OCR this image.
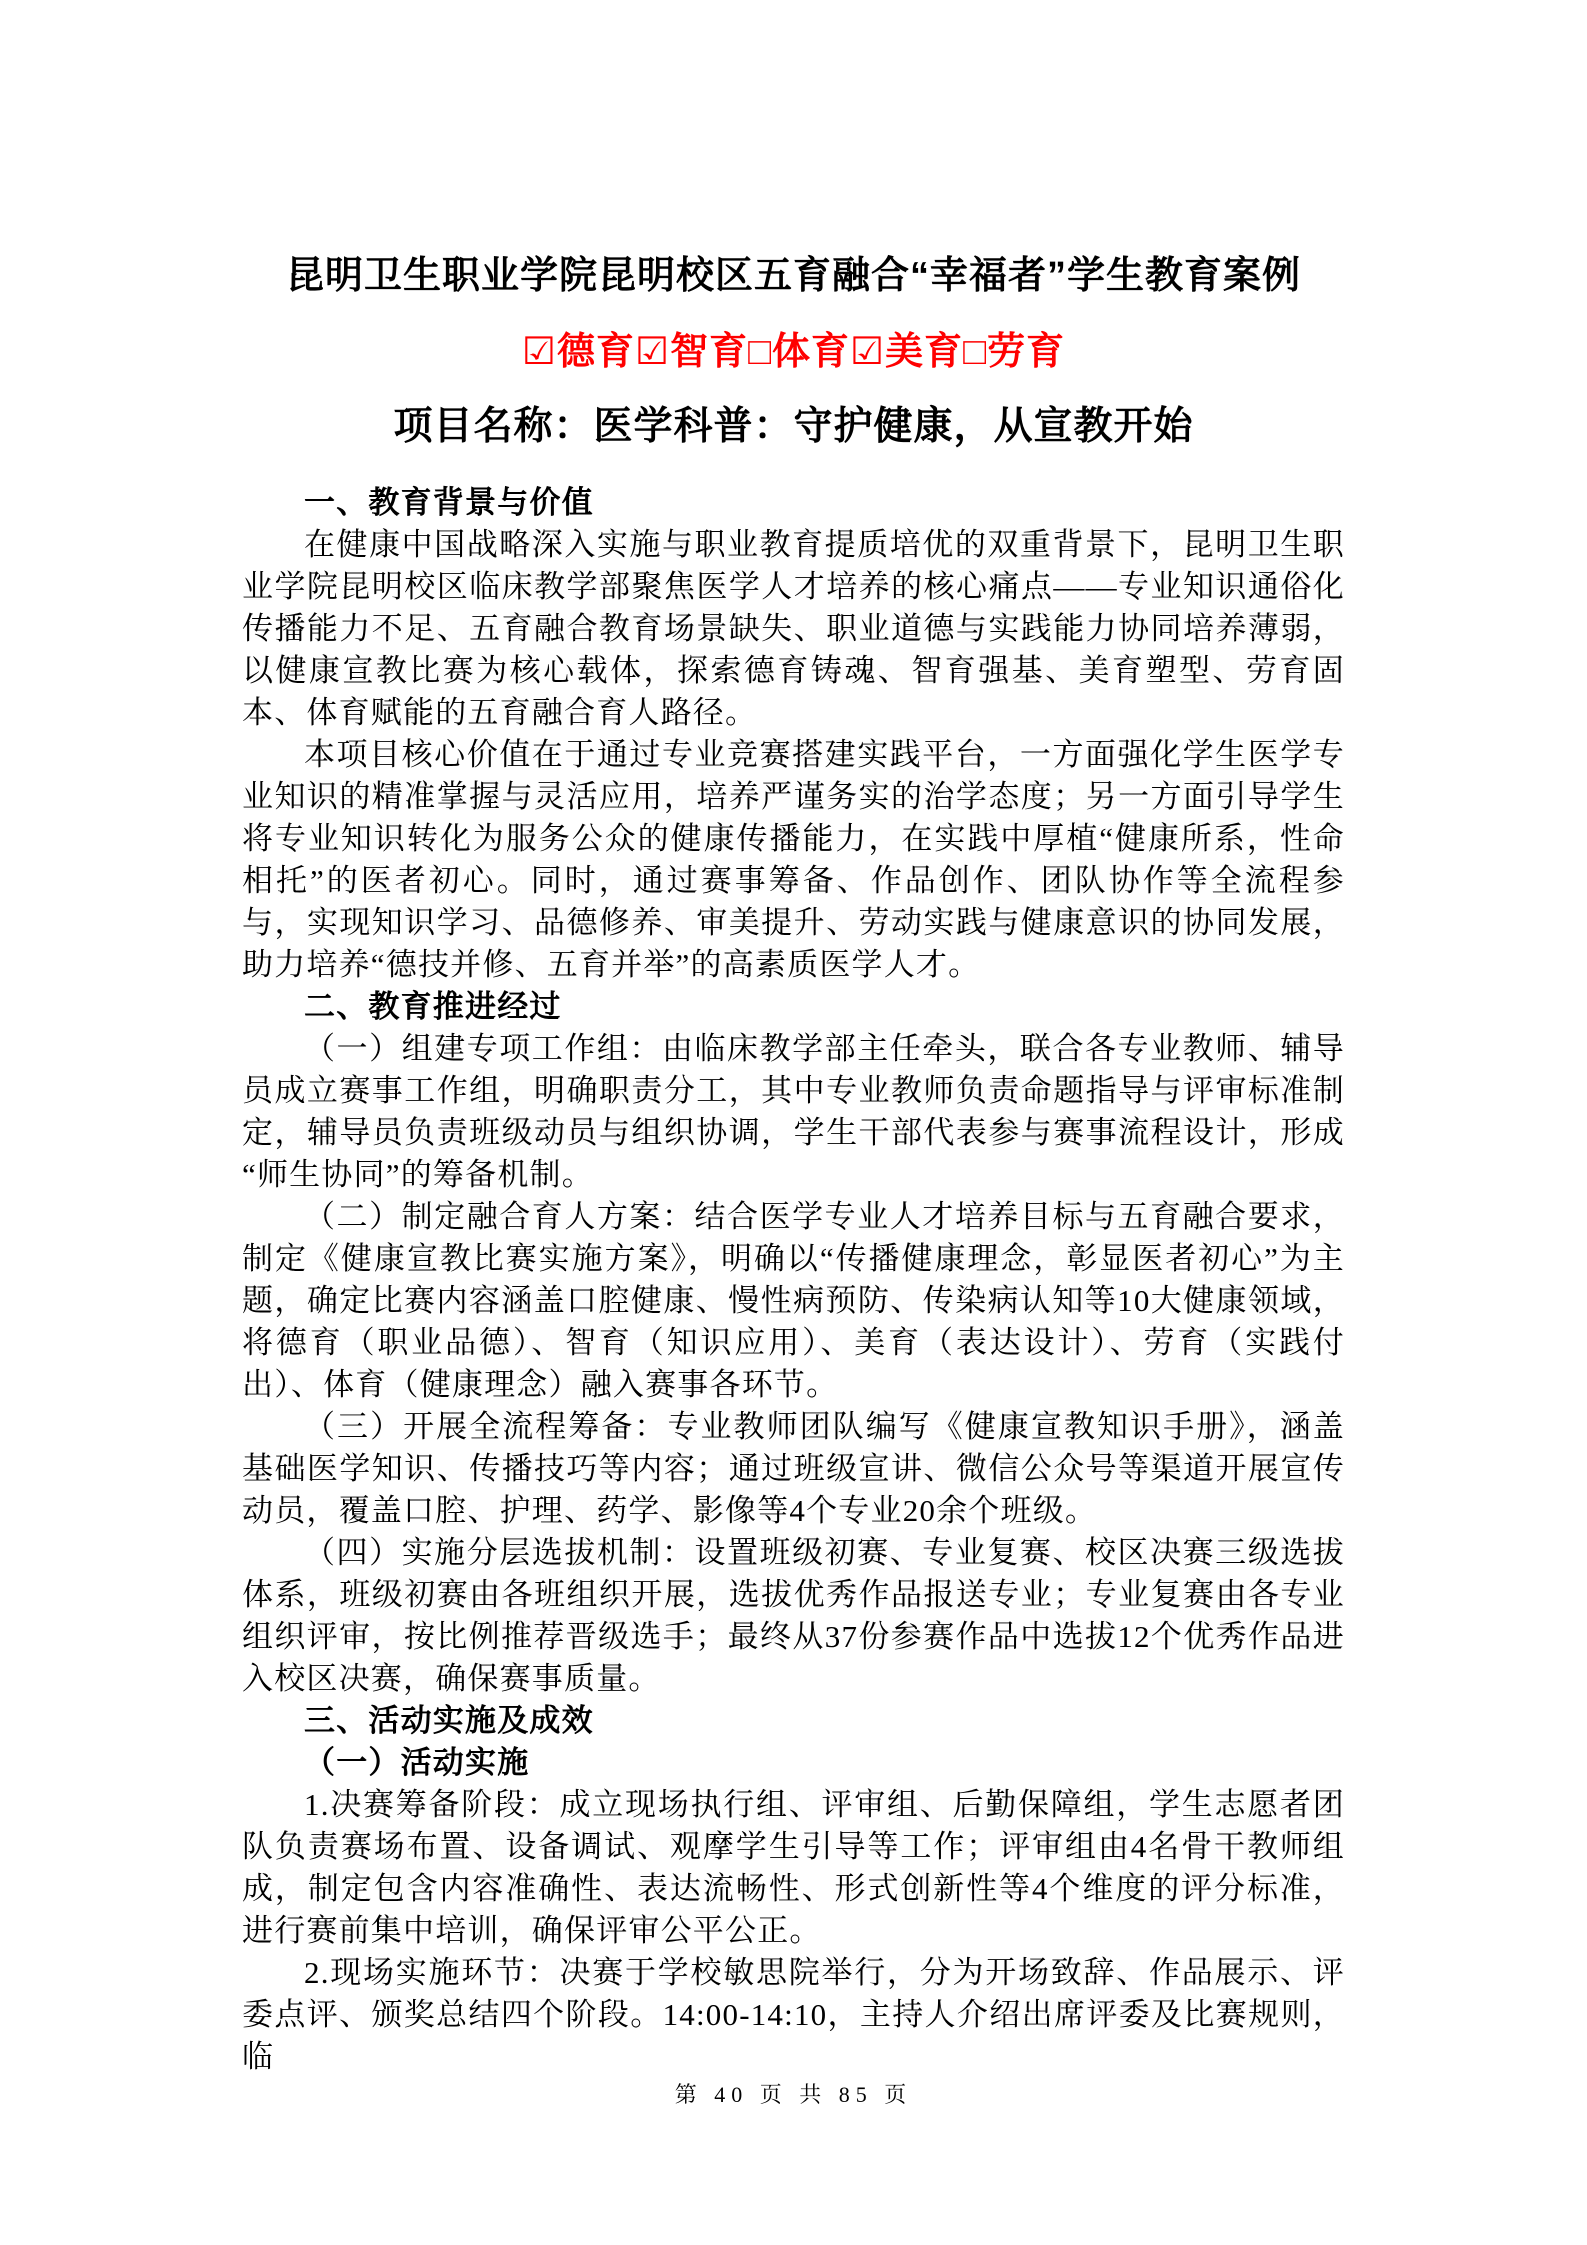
昆明卫生职业学院昆明校区五育融合“幸福者”学生教育案例
☑德育☑智育□体育☑美育□劳育
项目名称：医学科普：守护健康，从宣教开始

一、教育背景与价值

在健康中国战略深入实施与职业教育提质培优的双重背景下，昆明卫生职业学院昆明校区临床教学部聚焦医学人才培养的核心痛点——专业知识通俗化传播能力不足、五育融合教育场景缺失、职业道德与实践能力协同培养薄弱，以健康宣教比赛为核心载体，探索德育铸魂、智育强基、美育塑型、劳育固本、体育赋能的五育融合育人路径。

本项目核心价值在于通过专业竞赛搭建实践平台，一方面强化学生医学专业知识的精准掌握与灵活应用，培养严谨务实的治学态度；另一方面引导学生将专业知识转化为服务公众的健康传播能力，在实践中厚植“健康所系，性命相托”的医者初心。同时，通过赛事筹备、作品创作、团队协作等全流程参与，实现知识学习、品德修养、审美提升、劳动实践与健康意识的协同发展，助力培养“德技并修、五育并举”的高素质医学人才。

二、教育推进经过

（一）组建专项工作组：由临床教学部主任牵头，联合各专业教师、辅导员成立赛事工作组，明确职责分工，其中专业教师负责命题指导与评审标准制定，辅导员负责班级动员与组织协调，学生干部代表参与赛事流程设计，形成“师生协同”的筹备机制。

（二）制定融合育人方案：结合医学专业人才培养目标与五育融合要求，制定《健康宣教比赛实施方案》，明确以“传播健康理念，彰显医者初心”为主题，确定比赛内容涵盖口腔健康、慢性病预防、传染病认知等10大健康领域，将德育（职业品德）、智育（知识应用）、美育（表达设计）、劳育（实践付出）、体育（健康理念）融入赛事各环节。

（三）开展全流程筹备：专业教师团队编写《健康宣教知识手册》，涵盖基础医学知识、传播技巧等内容；通过班级宣讲、微信公众号等渠道开展宣传动员，覆盖口腔、护理、药学、影像等4个专业20余个班级。

（四）实施分层选拔机制：设置班级初赛、专业复赛、校区决赛三级选拔体系，班级初赛由各班组织开展，选拔优秀作品报送专业；专业复赛由各专业组织评审，按比例推荐晋级选手；最终从37份参赛作品中选拔12个优秀作品进入校区决赛，确保赛事质量。

三、活动实施及成效

（一）活动实施

1.决赛筹备阶段：成立现场执行组、评审组、后勤保障组，学生志愿者团队负责赛场布置、设备调试、观摩学生引导等工作；评审组由4名骨干教师组成，制定包含内容准确性、表达流畅性、形式创新性等4个维度的评分标准，进行赛前集中培训，确保评审公平公正。

2.现场实施环节：决赛于学校敏思院举行，分为开场致辞、作品展示、评委点评、颁奖总结四个阶段。14:00-14:10，主持人介绍出席评委及比赛规则，临

第 40 页 共 85 页
